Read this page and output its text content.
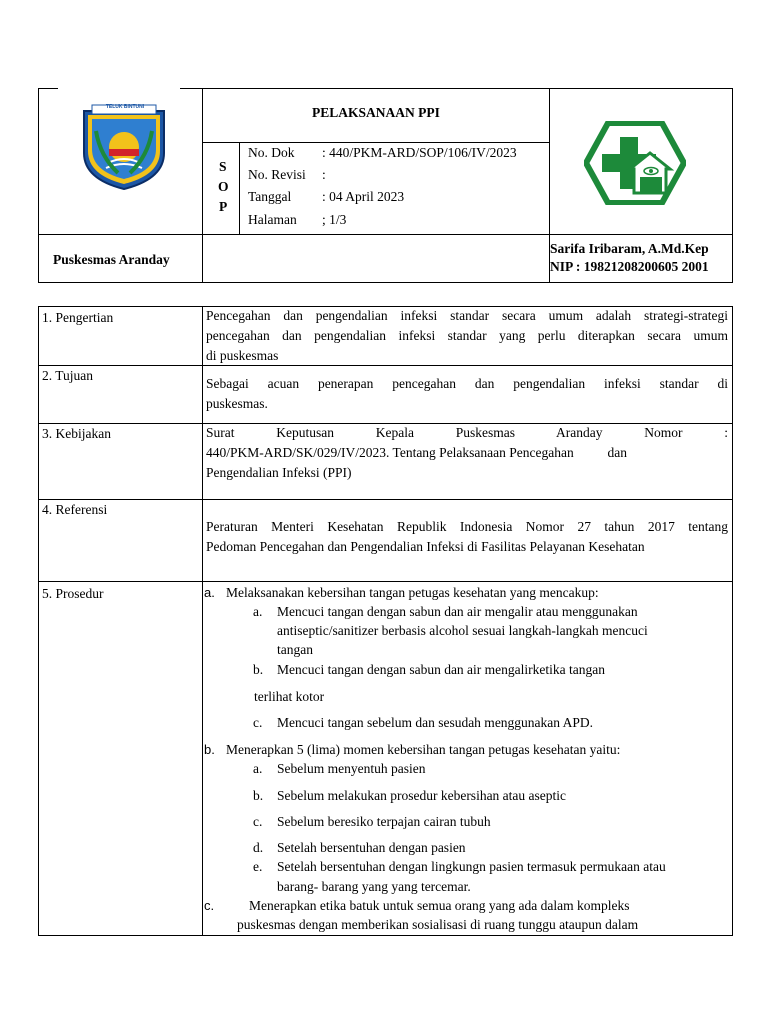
TELUK BINTUNI	PELAKSANAAN PPI
S
O
P
No. Dok : 440/PKM-ARD/SOP/106/IV/2023
No. Revisi :
Tanggal : 04 April 2023
Halaman ; 1/3
Puskesmas Aranday
Sarifa Iribaram, A.Md.Kep
NIP : 19821208200605 2001
1. Pengertian
2. Tujuan
3. Kebijakan
4. Referensi
5. Prosedur
Pencegahan dan pengendalian infeksi standar secara umum adalah strategi-strategi
pencegahan dan pengendalian infeksi standar yang perlu diterapkan secara umum
di puskesmas
Sebagai acuan penerapan pencegahan dan pengendalian infeksi standar di
puskesmas.
Surat Keputusan Kepala Puskesmas Aranday Nomor :
440/PKM-ARD/SK/029/IV/2023. Tentang Pelaksanaan Pencegahan          dan
Pengendalian Infeksi (PPI)
Peraturan Menteri Kesehatan Republik Indonesia Nomor 27 tahun 2017 tentang
Pedoman Pencegahan dan Pengendalian Infeksi di Fasilitas Pelayanan Kesehatan
a. Melaksanakan kebersihan tangan petugas kesehatan yang mencakup:
a. Mencuci tangan dengan sabun dan air mengalir atau menggunakan
antiseptic/sanitizer berbasis alcohol sesuai langkah-langkah mencuci
tangan
b. Mencuci tangan dengan sabun dan air mengalirketika tangan
terlihat kotor
c. Mencuci tangan sebelum dan sesudah menggunakan APD.
b. Menerapkan 5 (lima) momen kebersihan tangan petugas kesehatan yaitu:
a. Sebelum menyentuh pasien
b. Sebelum melakukan prosedur kebersihan atau aseptic
c. Sebelum beresiko terpajan cairan tubuh
d. Setelah bersentuhan dengan pasien
e. Setelah bersentuhan dengan lingkungn pasien termasuk permukaan atau
barang- barang yang yang tercemar.
c.	Menerapkan etika batuk untuk semua orang yang ada dalam kompleks
puskesmas dengan memberikan sosialisasi di ruang tunggu ataupun dalam
